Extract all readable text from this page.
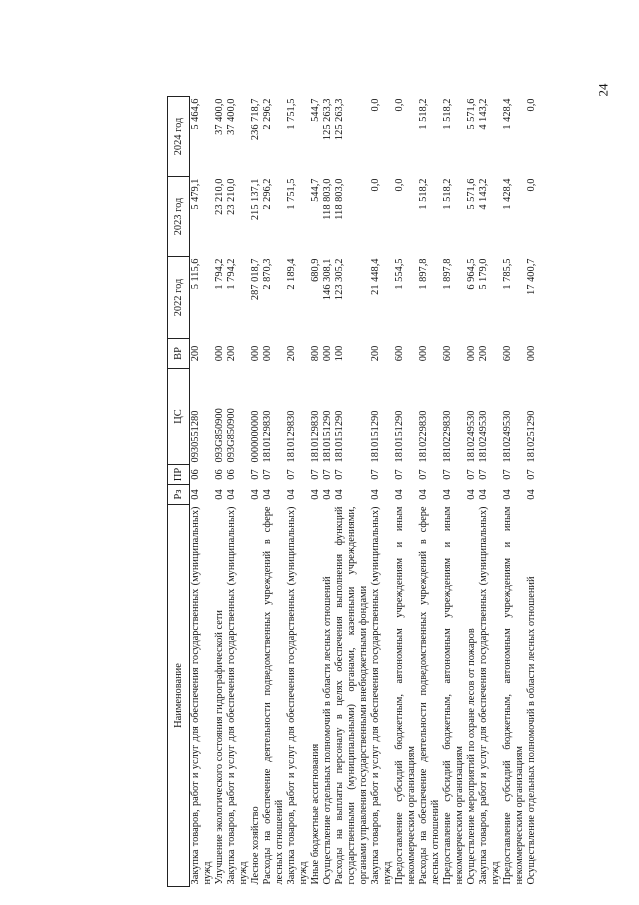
24
Наименование	Рз	ПР	ЦС	ВР	2022 год	2023 год	2024 год
Закупка товаров, работ и услуг для обеспечения государственных (муниципальных) нужд	04	06	0930551280	200	5 115,6	5 479,1	5 464,6
Улучшение экологического состояния гидрографической сети	04	06	093G850900	000	1 794,2	23 210,0	37 400,0
Закупка товаров, работ и услуг для обеспечения государственных (муниципальных) нужд	04	06	093G850900	200	1 794,2	23 210,0	37 400,0
Лесное хозяйство	04	07	0000000000	000	287 018,7	215 137,1	236 718,7
Расходы на обеспечение деятельности подведомственных учреждений в сфере лесных отношений	04	07	1810129830	000	2 870,3	2 296,2	2 296,2
Закупка товаров, работ и услуг для обеспечения государственных (муниципальных) нужд	04	07	1810129830	200	2 189,4	1 751,5	1 751,5
Иные бюджетные ассигнования	04	07	1810129830	800	680,9	544,7	544,7
Осуществление отдельных полномочий в области лесных отношений	04	07	1810151290	000	146 308,1	118 803,0	125 263,3
Расходы на выплаты персоналу в целях обеспечения выполнения функций государственными (муниципальными) органами, казенными учреждениями, органами управления государственными внебюджетными фондами	04	07	1810151290	100	123 305,2	118 803,0	125 263,3
Закупка товаров, работ и услуг для обеспечения государственных (муниципальных) нужд	04	07	1810151290	200	21 448,4	0,0	0,0
Предоставление субсидий бюджетным, автономным учреждениям и иным некоммерческим организациям	04	07	1810151290	600	1 554,5	0,0	0,0
Расходы на обеспечение деятельности подведомственных учреждений в сфере лесных отношений	04	07	1810229830	000	1 897,8	1 518,2	1 518,2
Предоставление субсидий бюджетным, автономным учреждениям и иным некоммерческим организациям	04	07	1810229830	600	1 897,8	1 518,2	1 518,2
Осуществление мероприятий по охране лесов от пожаров	04	07	1810249530	000	6 964,5	5 571,6	5 571,6
Закупка товаров, работ и услуг для обеспечения государственных (муниципальных) нужд	04	07	1810249530	200	5 179,0	4 143,2	4 143,2
Предоставление субсидий бюджетным, автономным учреждениям и иным некоммерческим организациям	04	07	1810249530	600	1 785,5	1 428,4	1 428,4
Осуществление отдельных полномочий в области лесных отношений	04	07	1810251290	000	17 400,7	0,0	0,0
